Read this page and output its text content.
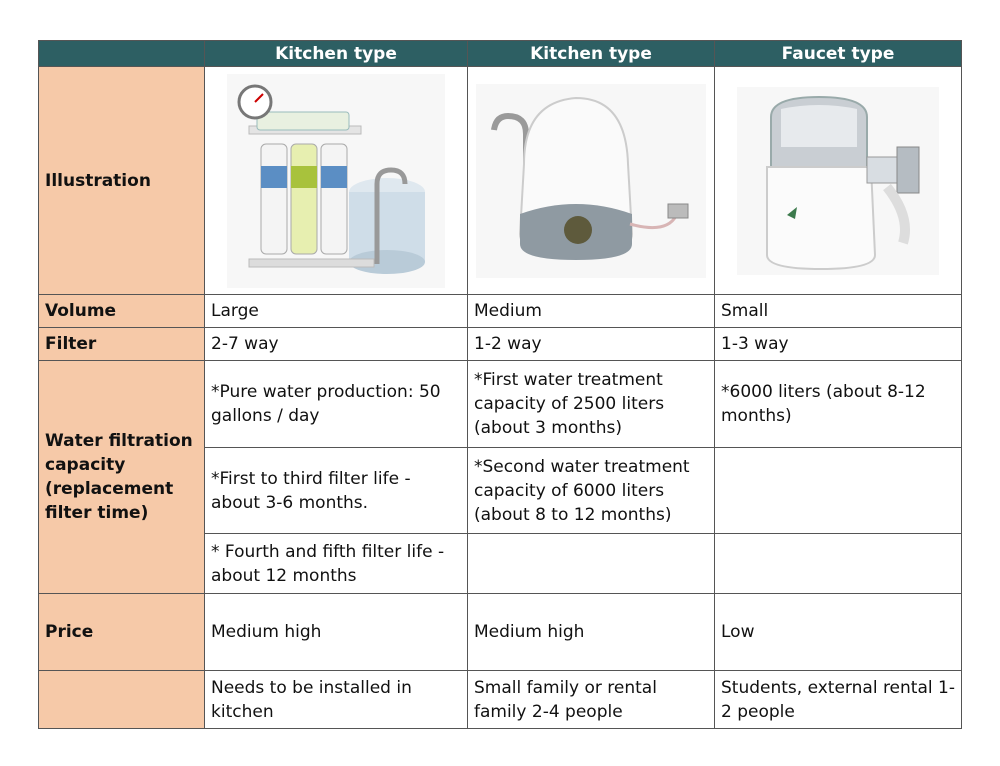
	Kitchen type	Kitchen type	Faucet type
Illustration	

Volume	Large	Medium	Small
Filter	2-7 way	1-2 way	1-3 way
Water filtration capacity (replacement filter time)	*Pure water production: 50 gallons / day	*First water treatment capacity of 2500 liters (about 3 months)	*6000 liters (about 8-12 months)
	*First to third filter life - about 3-6 months.	*Second water treatment capacity of 6000 liters (about 8 to 12 months)	
	* Fourth and fifth filter life - about 12 months		
Price	Medium high	Medium high	Low
	Needs to be installed in kitchen	Small family or rental family 2-4 people	Students, external rental 1-2 people
